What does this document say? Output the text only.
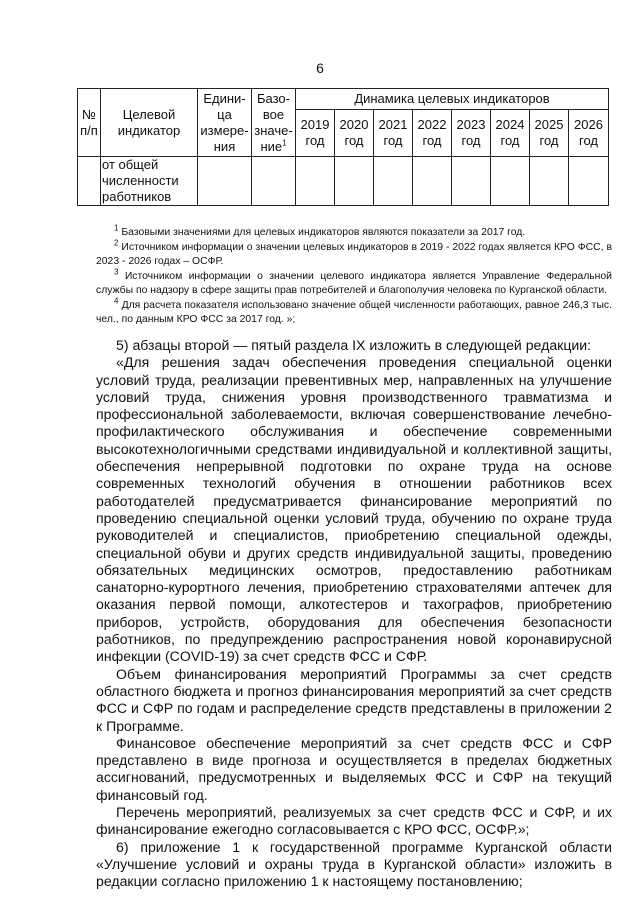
6
№ п/п	Целевой индикатор	Едини-ца измере-ния	Базо-вое значе-ние$^1$	Динамика целевых индикаторов							
				2019 год	2020 год	2021 год	2022 год	2023 год	2024 год	2025 год	2026 год
	от общей численности работников										

$^1$ Базовыми значениями для целевых индикаторов являются показатели за 2017 год.

$^2$ Источником информации о значении целевых индикаторов в 2019 - 2022 годах является КРО ФСС, в 2023 - 2026 годах – ОСФР.

$^3$ Источником информации о значении целевого индикатора является Управление Федеральной службы по надзору в сфере защиты прав потребителей и благополучия человека по Курганской области.

$^4$ Для расчета показателя использовано значение общей численности работающих, равное 246,3 тыс. чел., по данным КРО ФСС за 2017 год. »;

5) абзацы второй — пятый раздела IX изложить в следующей редакции:

«Для решения задач обеспечения проведения специальной оценки условий труда, реализации превентивных мер, направленных на улучшение условий труда, снижения уровня производственного травматизма и профессиональной заболеваемости, включая совершенствование лечебно-профилактического обслуживания и обеспечение современными высокотехнологичными средствами индивидуальной и коллективной защиты, обеспечения непрерывной подготовки по охране труда на основе современных технологий обучения в отношении работников всех работодателей предусматривается финансирование мероприятий по проведению специальной оценки условий труда, обучению по охране труда руководителей и специалистов, приобретению специальной одежды, специальной обуви и других средств индивидуальной защиты, проведению обязательных медицинских осмотров, предоставлению работникам санаторно-курортного лечения, приобретению страхователями аптечек для оказания первой помощи, алкотестеров и тахографов, приобретению приборов, устройств, оборудования для обеспечения безопасности работников, по предупреждению распространения новой коронавирусной инфекции (COVID-19) за счет средств ФСС и СФР.

Объем финансирования мероприятий Программы за счет средств областного бюджета и прогноз финансирования мероприятий за счет средств ФСС и СФР по годам и распределение средств представлены в приложении 2 к Программе.

Финансовое обеспечение мероприятий за счет средств ФСС и СФР представлено в виде прогноза и осуществляется в пределах бюджетных ассигнований, предусмотренных и выделяемых ФСС и СФР на текущий финансовый год.

Перечень мероприятий, реализуемых за счет средств ФСС и СФР, и их финансирование ежегодно согласовывается с КРО ФСС, ОСФР.»;

6) приложение 1 к государственной программе Курганской области «Улучшение условий и охраны труда в Курганской области» изложить в редакции согласно приложению 1 к настоящему постановлению;
